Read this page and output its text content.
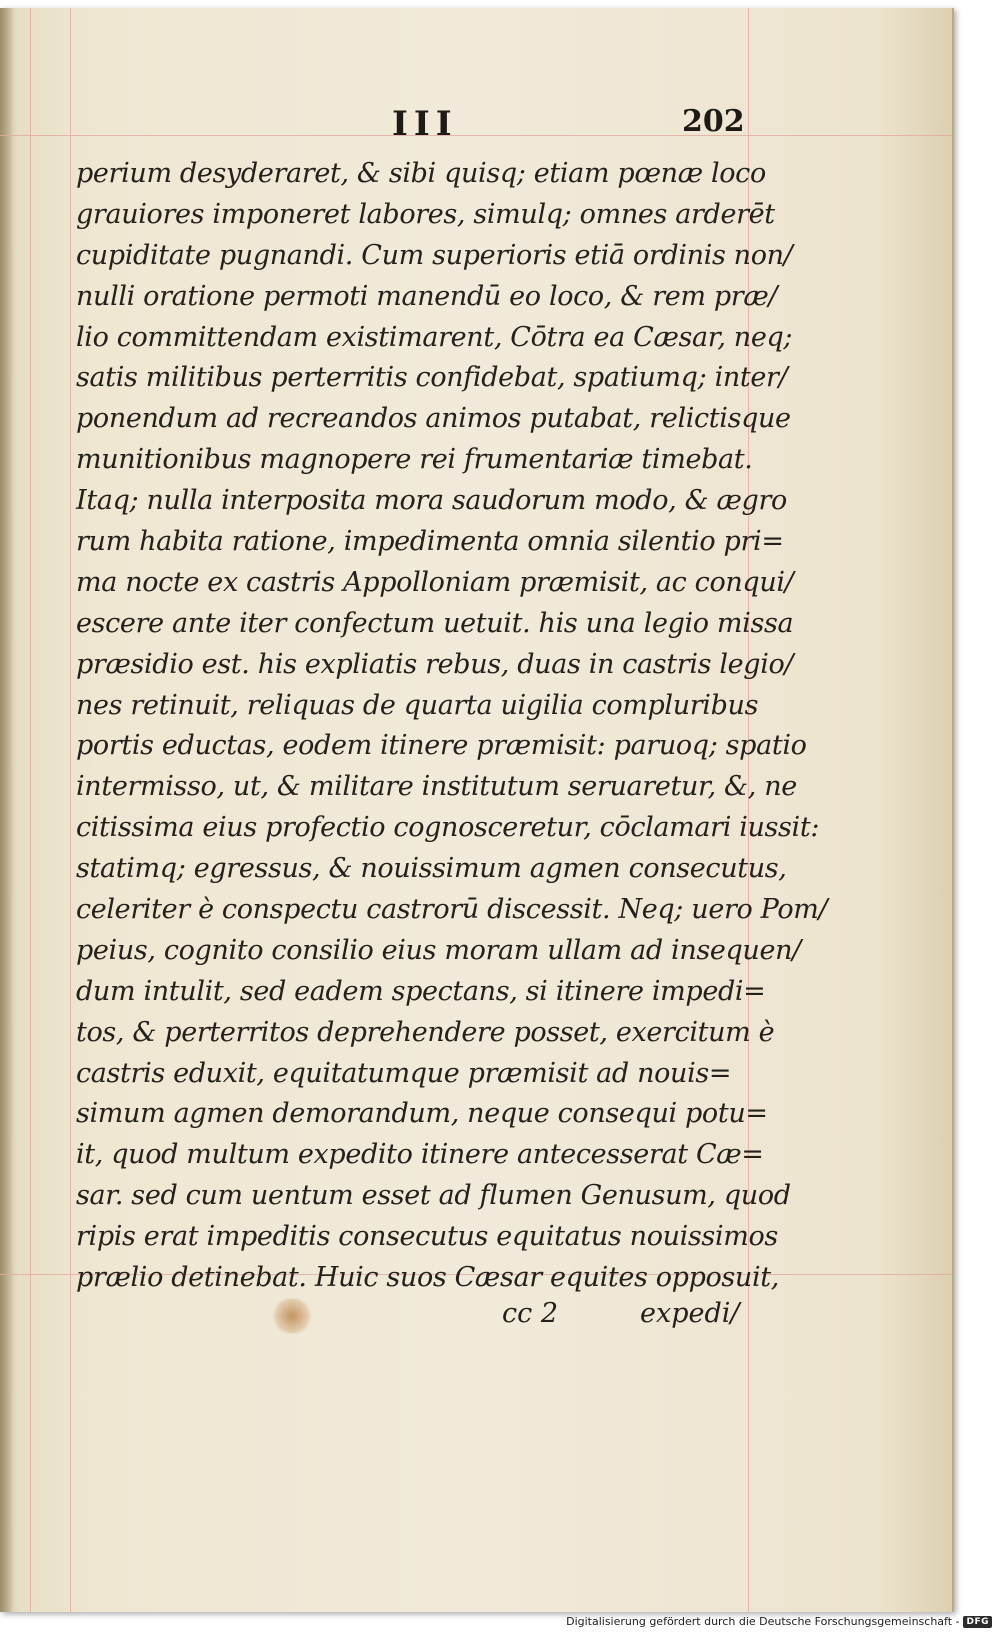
III	202
perium desyderaret, & sibi quisq; etiam pœnæ loco
grauiores imponeret labores, simulq; omnes arderēt
cupiditate pugnandi. Cum superioris etiā ordinis non/
nulli oratione permoti manendū eo loco, & rem præ/
lio committendam existimarent, Cōtra ea Cæsar, neq;
satis militibus perterritis confidebat, spatiumq; inter/
ponendum ad recreandos animos putabat, relictisque
munitionibus magnopere rei frumentariæ timebat.
Itaq; nulla interposita mora saudorum modo, & ægro
rum habita ratione, impedimenta omnia silentio pri=
ma nocte ex castris Appolloniam præmisit, ac conqui/
escere ante iter confectum uetuit. his una legio missa
præsidio est. his expliatis rebus, duas in castris legio/
nes retinuit, reliquas de quarta uigilia compluribus
portis eductas, eodem itinere præmisit: paruoq; spatio
intermisso, ut, & militare institutum seruaretur, &, ne
citissima eius profectio cognosceretur, cōclamari iussit:
statimq; egressus, & nouissimum agmen consecutus,
celeriter è conspectu castrorū discessit. Neq; uero Pom/
peius, cognito consilio eius moram ullam ad insequen/
dum intulit, sed eadem spectans, si itinere impedi=
tos, & perterritos deprehendere posset, exercitum è
castris eduxit, equitatumque præmisit ad nouis=
simum agmen demorandum, neque consequi potu=
it, quod multum expedito itinere antecesserat Cæ=
sar. sed cum uentum esset ad flumen Genusum, quod
ripis erat impeditis consecutus equitatus nouissimos
prælio detinebat. Huic suos Cæsar equites opposuit,
cc 2	expedi/
Digitalisierung gefördert durch die Deutsche Forschungsgemeinschaft - DFG
